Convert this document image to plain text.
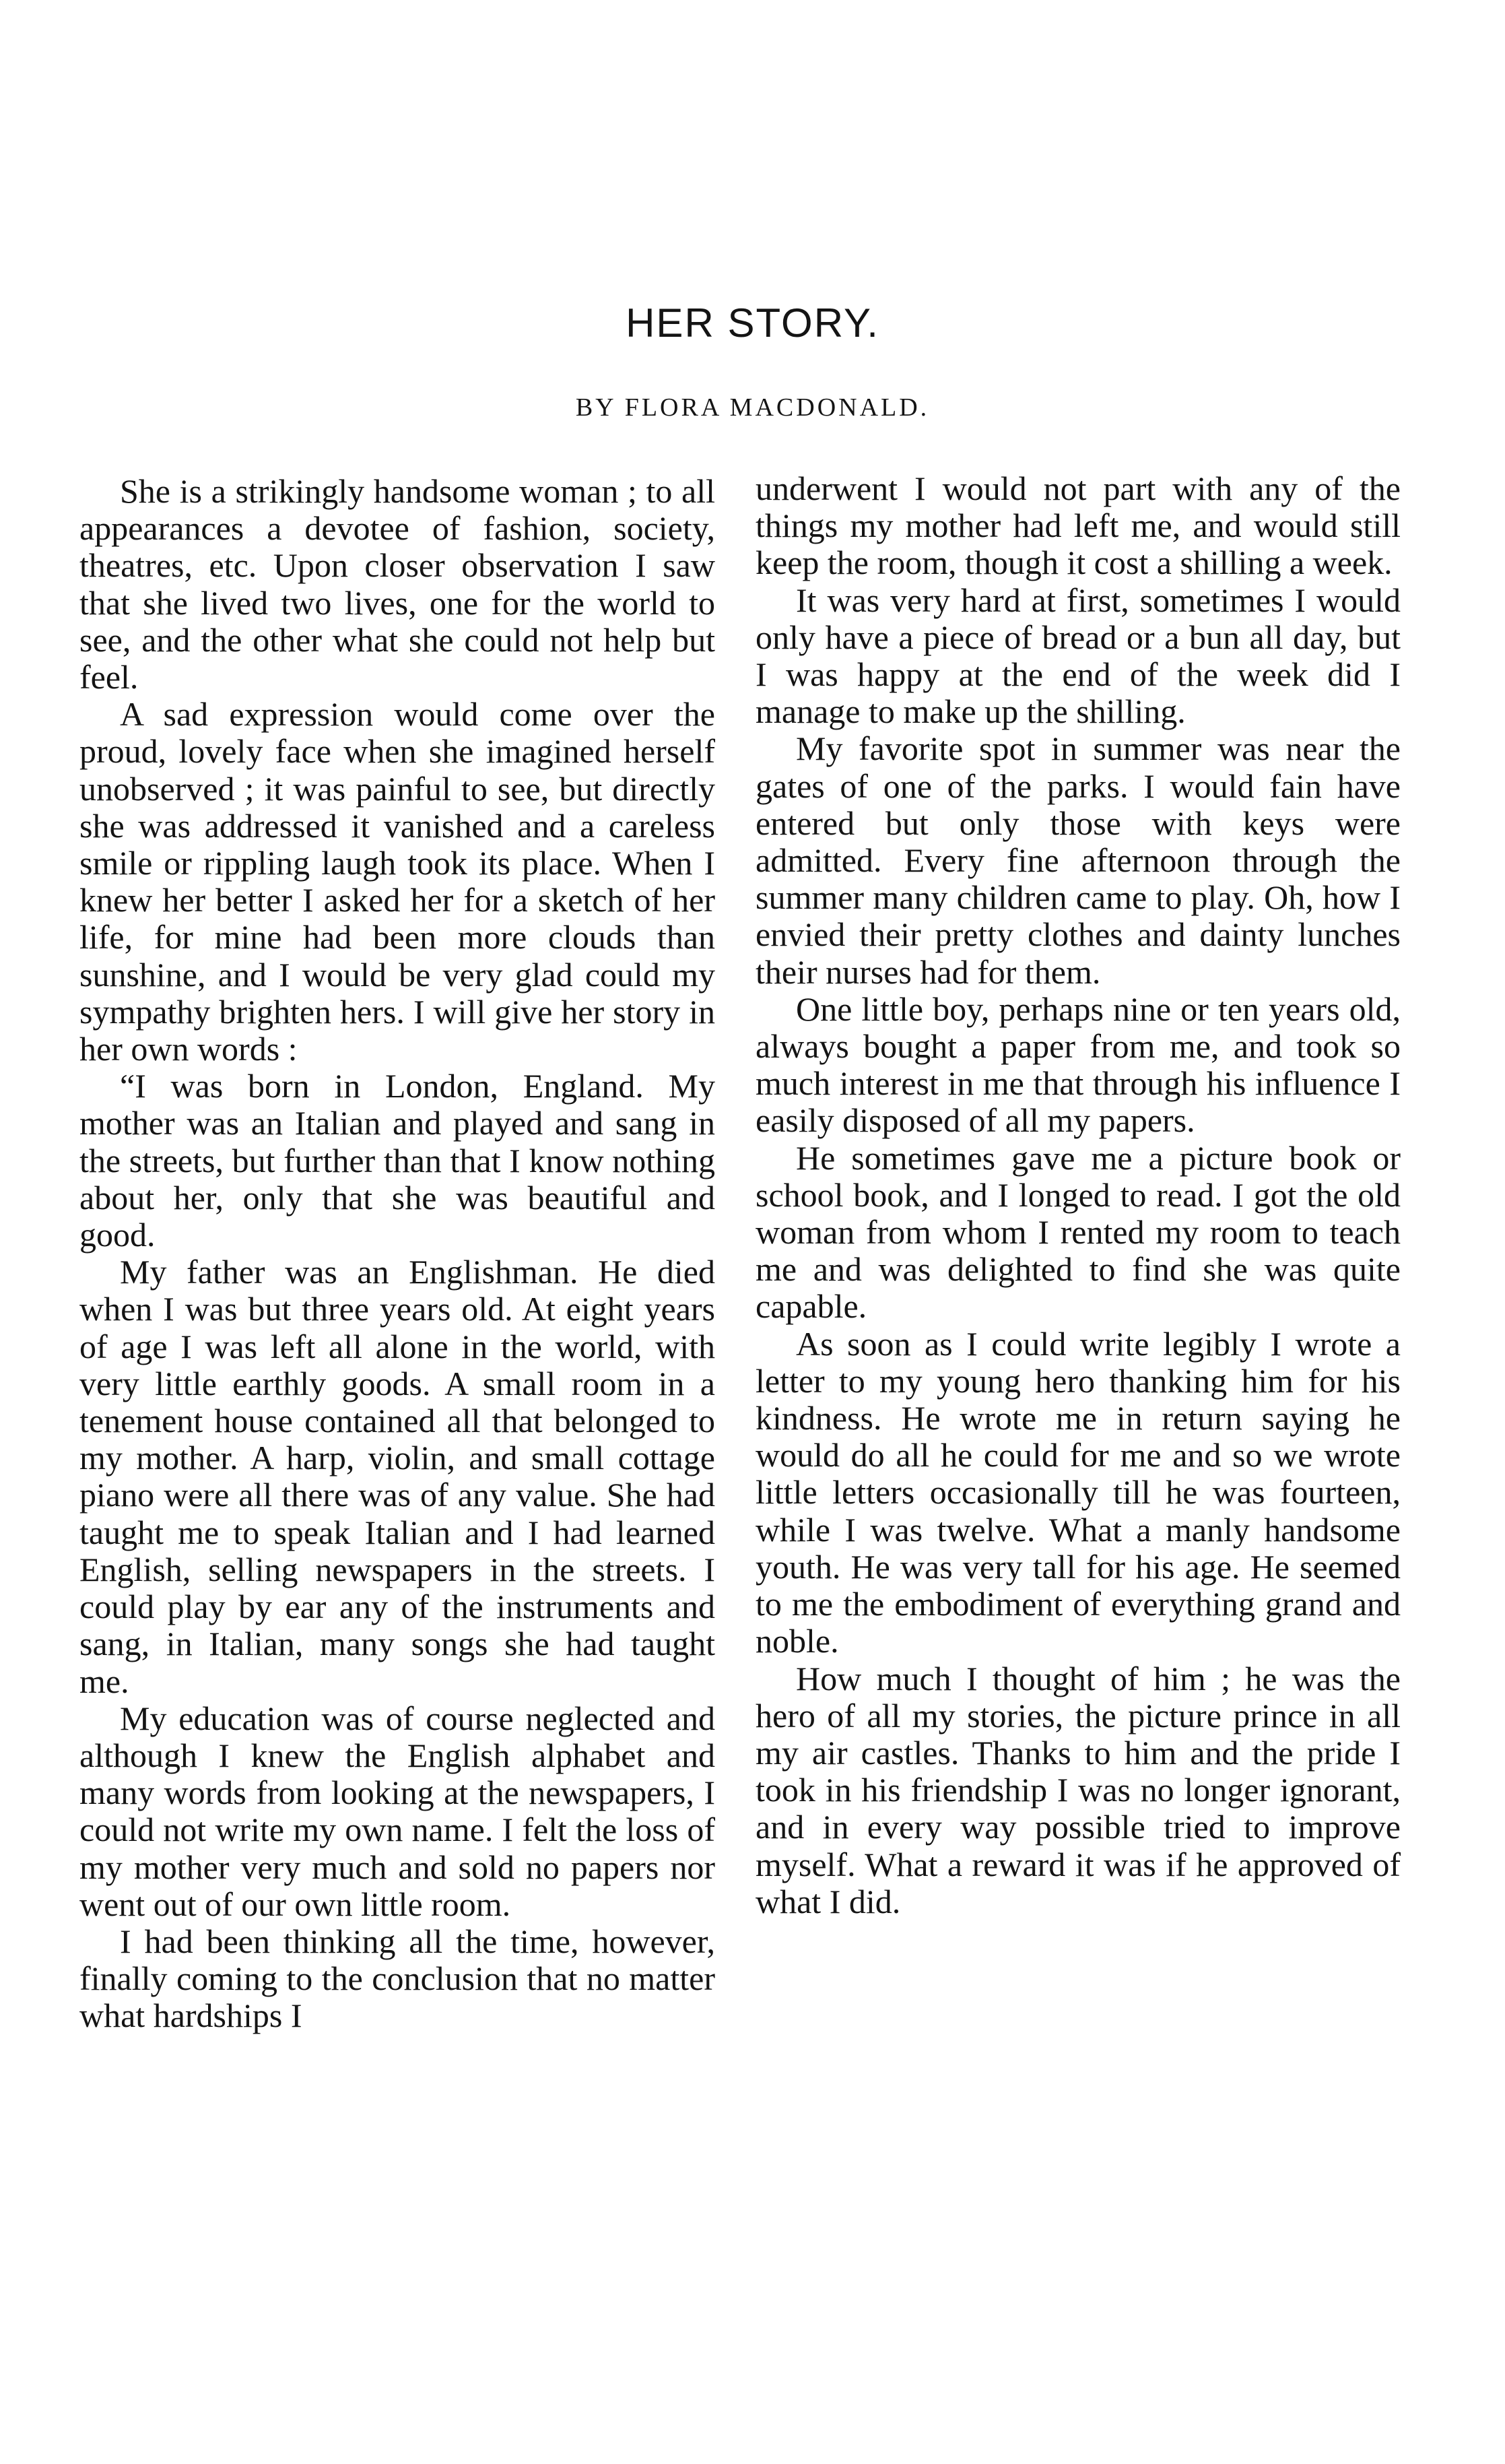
HER STORY.
BY FLORA MACDONALD.

She is a strikingly handsome woman ; to all appearances a devotee of fashion, society, theatres, etc. Upon closer observation I saw that she lived two lives, one for the world to see, and the other what she could not help but feel.

A sad expression would come over the proud, lovely face when she imagined herself unobserved ; it was painful to see, but directly she was addressed it vanished and a careless smile or rippling laugh took its place. When I knew her better I asked her for a sketch of her life, for mine had been more clouds than sunshine, and I would be very glad could my sympathy brighten hers. I will give her story in her own words :

“I was born in London, England. My mother was an Italian and played and sang in the streets, but further than that I know nothing about her, only that she was beautiful and good.

My father was an Englishman. He died when I was but three years old. At eight years of age I was left all alone in the world, with very little earthly goods. A small room in a tenement house contained all that belonged to my mother. A harp, violin, and small cottage piano were all there was of any value. She had taught me to speak Italian and I had learned English, selling newspapers in the streets. I could play by ear any of the instruments and sang, in Italian, many songs she had taught me.

My education was of course neglected and although I knew the English alphabet and many words from looking at the newspapers, I could not write my own name. I felt the loss of my mother very much and sold no papers nor went out of our own little room.

I had been thinking all the time, however, finally coming to the conclusion that no matter what hardships I

underwent I would not part with any of the things my mother had left me, and would still keep the room, though it cost a shilling a week.

It was very hard at first, sometimes I would only have a piece of bread or a bun all day, but I was happy at the end of the week did I manage to make up the shilling.

My favorite spot in summer was near the gates of one of the parks. I would fain have entered but only those with keys were admitted. Every fine afternoon through the summer many children came to play. Oh, how I envied their pretty clothes and dainty lunches their nurses had for them.

One little boy, perhaps nine or ten years old, always bought a paper from me, and took so much interest in me that through his influence I easily disposed of all my papers.

He sometimes gave me a picture book or school book, and I longed to read. I got the old woman from whom I rented my room to teach me and was delighted to find she was quite capable.

As soon as I could write legibly I wrote a letter to my young hero thanking him for his kindness. He wrote me in return saying he would do all he could for me and so we wrote little letters occasionally till he was fourteen, while I was twelve. What a manly handsome youth. He was very tall for his age. He seemed to me the embodiment of everything grand and noble.

How much I thought of him ; he was the hero of all my stories, the picture prince in all my air castles. Thanks to him and the pride I took in his friendship I was no longer ignorant, and in every way possible tried to improve myself. What a reward it was if he approved of what I did.
